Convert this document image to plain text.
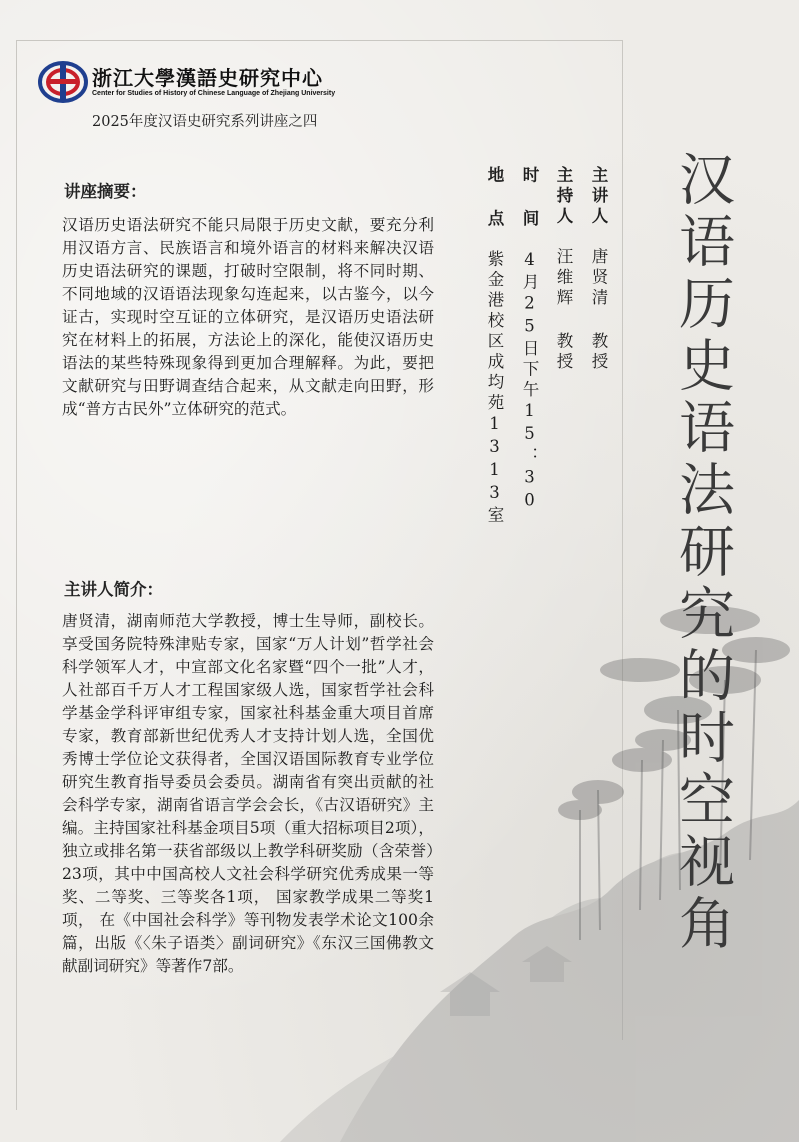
浙江大學漢語史研究中心
Center for Studies of History of Chinese Language of Zhejiang University
2025年度汉语史研究系列讲座之四
讲座摘要：
汉语历史语法研究不能只局限于历史文献，要充分利用汉语方言、民族语言和境外语言的材料来解决汉语历史语法研究的课题，打破时空限制，将不同时期、不同地域的汉语语法现象勾连起来，以古鉴今，以今证古，实现时空互证的立体研究，是汉语历史语法研究在材料上的拓展，方法论上的深化，能使汉语历史语法的某些特殊现象得到更加合理解释。为此，要把文献研究与田野调查结合起来，从文献走向田野，形成“普方古民外”立体研究的范式。
主讲人简介：
唐贤清，湖南师范大学教授，博士生导师，副校长。享受国务院特殊津贴专家，国家“万人计划”哲学社会科学领军人才，中宣部文化名家暨“四个一批”人才，人社部百千万人才工程国家级人选，国家哲学社会科学基金学科评审组专家，国家社科基金重大项目首席专家，教育部新世纪优秀人才支持计划人选，全国优秀博士学位论文获得者，全国汉语国际教育专业学位研究生教育指导委员会委员。湖南省有突出贡献的社会科学专家，湖南省语言学会会长，《古汉语研究》主编。主持国家社科基金项目5项（重大招标项目2项），独立或排名第一获省部级以上教学科研奖励（含荣誉）23项，其中中国高校人文社会科学研究优秀成果一等奖、二等奖、三等奖各1项， 国家教学成果二等奖1项， 在《中国社会科学》等刊物发表学术论文100余篇，出版《〈朱子语类〉副词研究》《东汉三国佛教文献副词研究》等著作7部。
主讲人唐贤清 教授
主持人汪维辉 教授
时 间4月25日下午15：30
地 点紫金港校区成均苑1313室	汉语历史语法研究的时空视角
